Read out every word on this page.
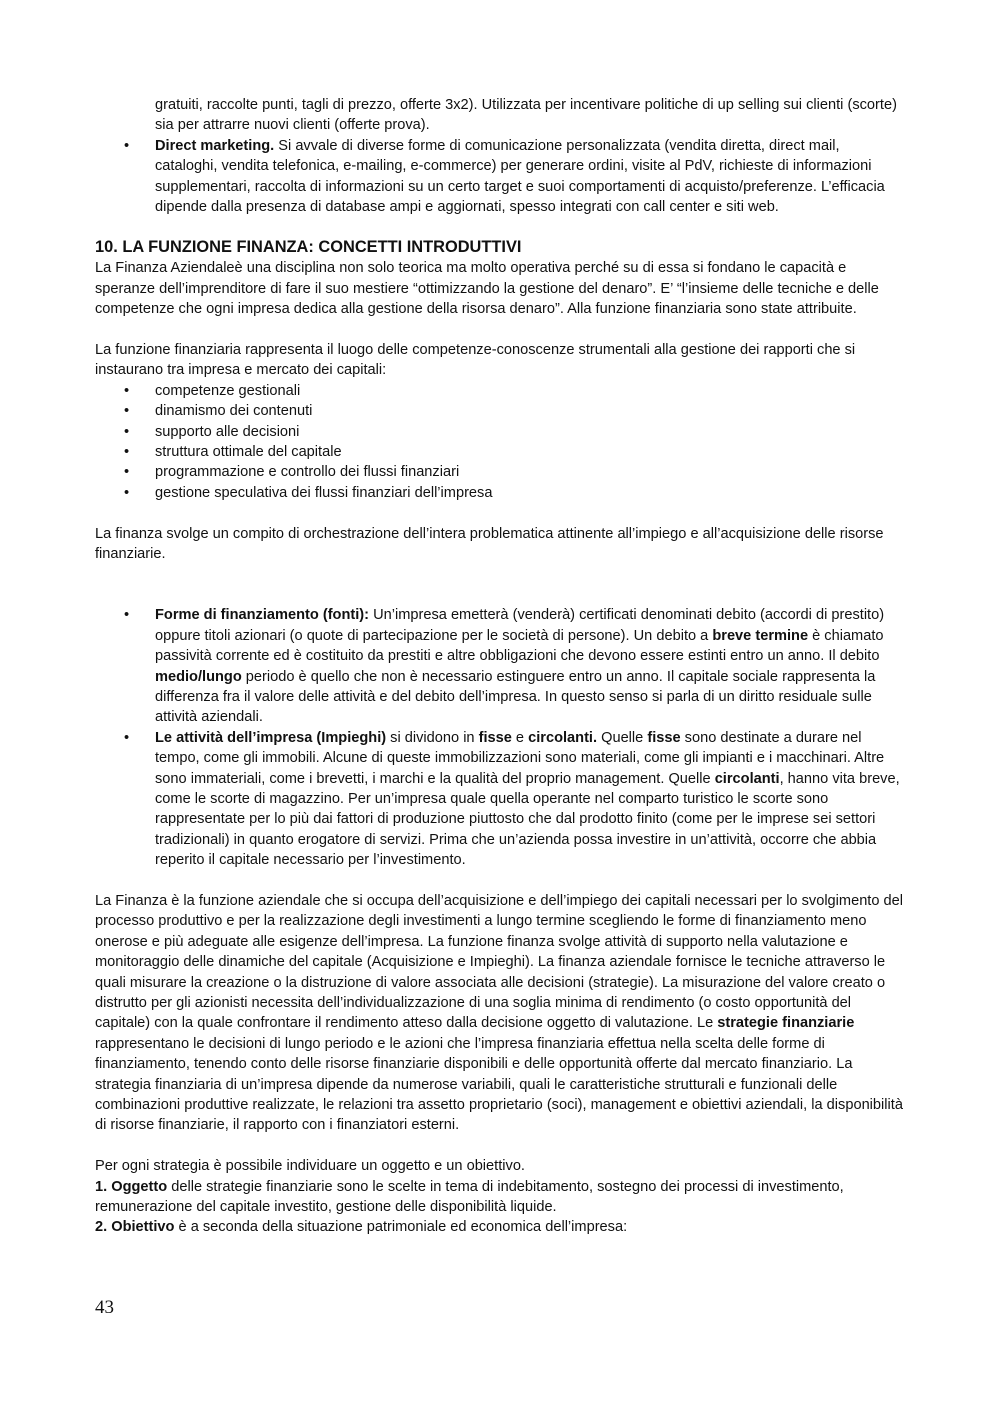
gratuiti, raccolte punti, tagli di prezzo, offerte 3x2). Utilizzata per incentivare politiche di up selling sui clienti (scorte) sia per attrarre nuovi clienti (offerte prova).

• Direct marketing. Si avvale di diverse forme di comunicazione personalizzata (vendita diretta, direct mail, cataloghi, vendita telefonica, e-mailing, e-commerce) per generare ordini, visite al PdV, richieste di informazioni supplementari, raccolta di informazioni su un certo target e suoi comportamenti di acquisto/preferenze. L’efficacia dipende dalla presenza di database ampi e aggiornati, spesso integrati con call center e siti web.
10. LA FUNZIONE FINANZA: CONCETTI INTRODUTTIVI

La Finanza Aziendaleè una disciplina non solo teorica ma molto operativa perché su di essa si fondano le capacità e speranze dell’imprenditore di fare il suo mestiere “ottimizzando la gestione del denaro”. E’ “l’insieme delle tecniche e delle competenze che ogni impresa dedica alla gestione della risorsa denaro”. Alla funzione finanziaria sono state attribuite.

La funzione finanziaria rappresenta il luogo delle competenze-conoscenze strumentali alla gestione dei rapporti che si instaurano tra impresa e mercato dei capitali:

• competenze gestionali
• dinamismo dei contenuti
• supporto alle decisioni
• struttura ottimale del capitale
• programmazione e controllo dei flussi finanziari
• gestione speculativa dei flussi finanziari dell’impresa

La finanza svolge un compito di orchestrazione dell’intera problematica attinente all’impiego e all’acquisizione delle risorse finanziarie.

• Forme di finanziamento (fonti): Un’impresa emetterà (venderà) certificati denominati debito (accordi di prestito) oppure titoli azionari (o quote di partecipazione per le società di persone). Un debito a breve termine è chiamato passività corrente ed è costituito da prestiti e altre obbligazioni che devono essere estinti entro un anno. Il debito medio/lungo periodo è quello che non è necessario estinguere entro un anno. Il capitale sociale rappresenta la differenza fra il valore delle attività e del debito dell’impresa. In questo senso si parla di un diritto residuale sulle attività aziendali.
• Le attività dell’impresa (Impieghi) si dividono in fisse e circolanti. Quelle fisse sono destinate a durare nel tempo, come gli immobili. Alcune di queste immobilizzazioni sono materiali, come gli impianti e i macchinari. Altre sono immateriali, come i brevetti, i marchi e la qualità del proprio management. Quelle circolanti, hanno vita breve, come le scorte di magazzino. Per un’impresa quale quella operante nel comparto turistico le scorte sono rappresentate per lo più dai fattori di produzione piuttosto che dal prodotto finito (come per le imprese sei settori tradizionali) in quanto erogatore di servizi. Prima che un’azienda possa investire in un’attività, occorre che abbia reperito il capitale necessario per l’investimento.

La Finanza è la funzione aziendale che si occupa dell’acquisizione e dell’impiego dei capitali necessari per lo svolgimento del processo produttivo e per la realizzazione degli investimenti a lungo termine scegliendo le forme di finanziamento meno onerose e più adeguate alle esigenze dell’impresa. La funzione finanza svolge attività di supporto nella valutazione e monitoraggio delle dinamiche del capitale (Acquisizione e Impieghi). La finanza aziendale fornisce le tecniche attraverso le quali misurare la creazione o la distruzione di valore associata alle decisioni (strategie). La misurazione del valore creato o distrutto per gli azionisti necessita dell’individualizzazione di una soglia minima di rendimento (o costo opportunità del capitale) con la quale confrontare il rendimento atteso dalla decisione oggetto di valutazione. Le strategie finanziarie rappresentano le decisioni di lungo periodo e le azioni che l’impresa finanziaria effettua nella scelta delle forme di finanziamento, tenendo conto delle risorse finanziarie disponibili e delle opportunità offerte dal mercato finanziario. La strategia finanziaria di un’impresa dipende da numerose variabili, quali le caratteristiche strutturali e funzionali delle combinazioni produttive realizzate, le relazioni tra assetto proprietario (soci), management e obiettivi aziendali, la disponibilità di risorse finanziarie, il rapporto con i finanziatori esterni.

Per ogni strategia è possibile individuare un oggetto e un obiettivo.

1. Oggetto delle strategie finanziarie sono le scelte in tema di indebitamento, sostegno dei processi di investimento, remunerazione del capitale investito, gestione delle disponibilità liquide.

2. Obiettivo è a seconda della situazione patrimoniale ed economica dell’impresa:

43
